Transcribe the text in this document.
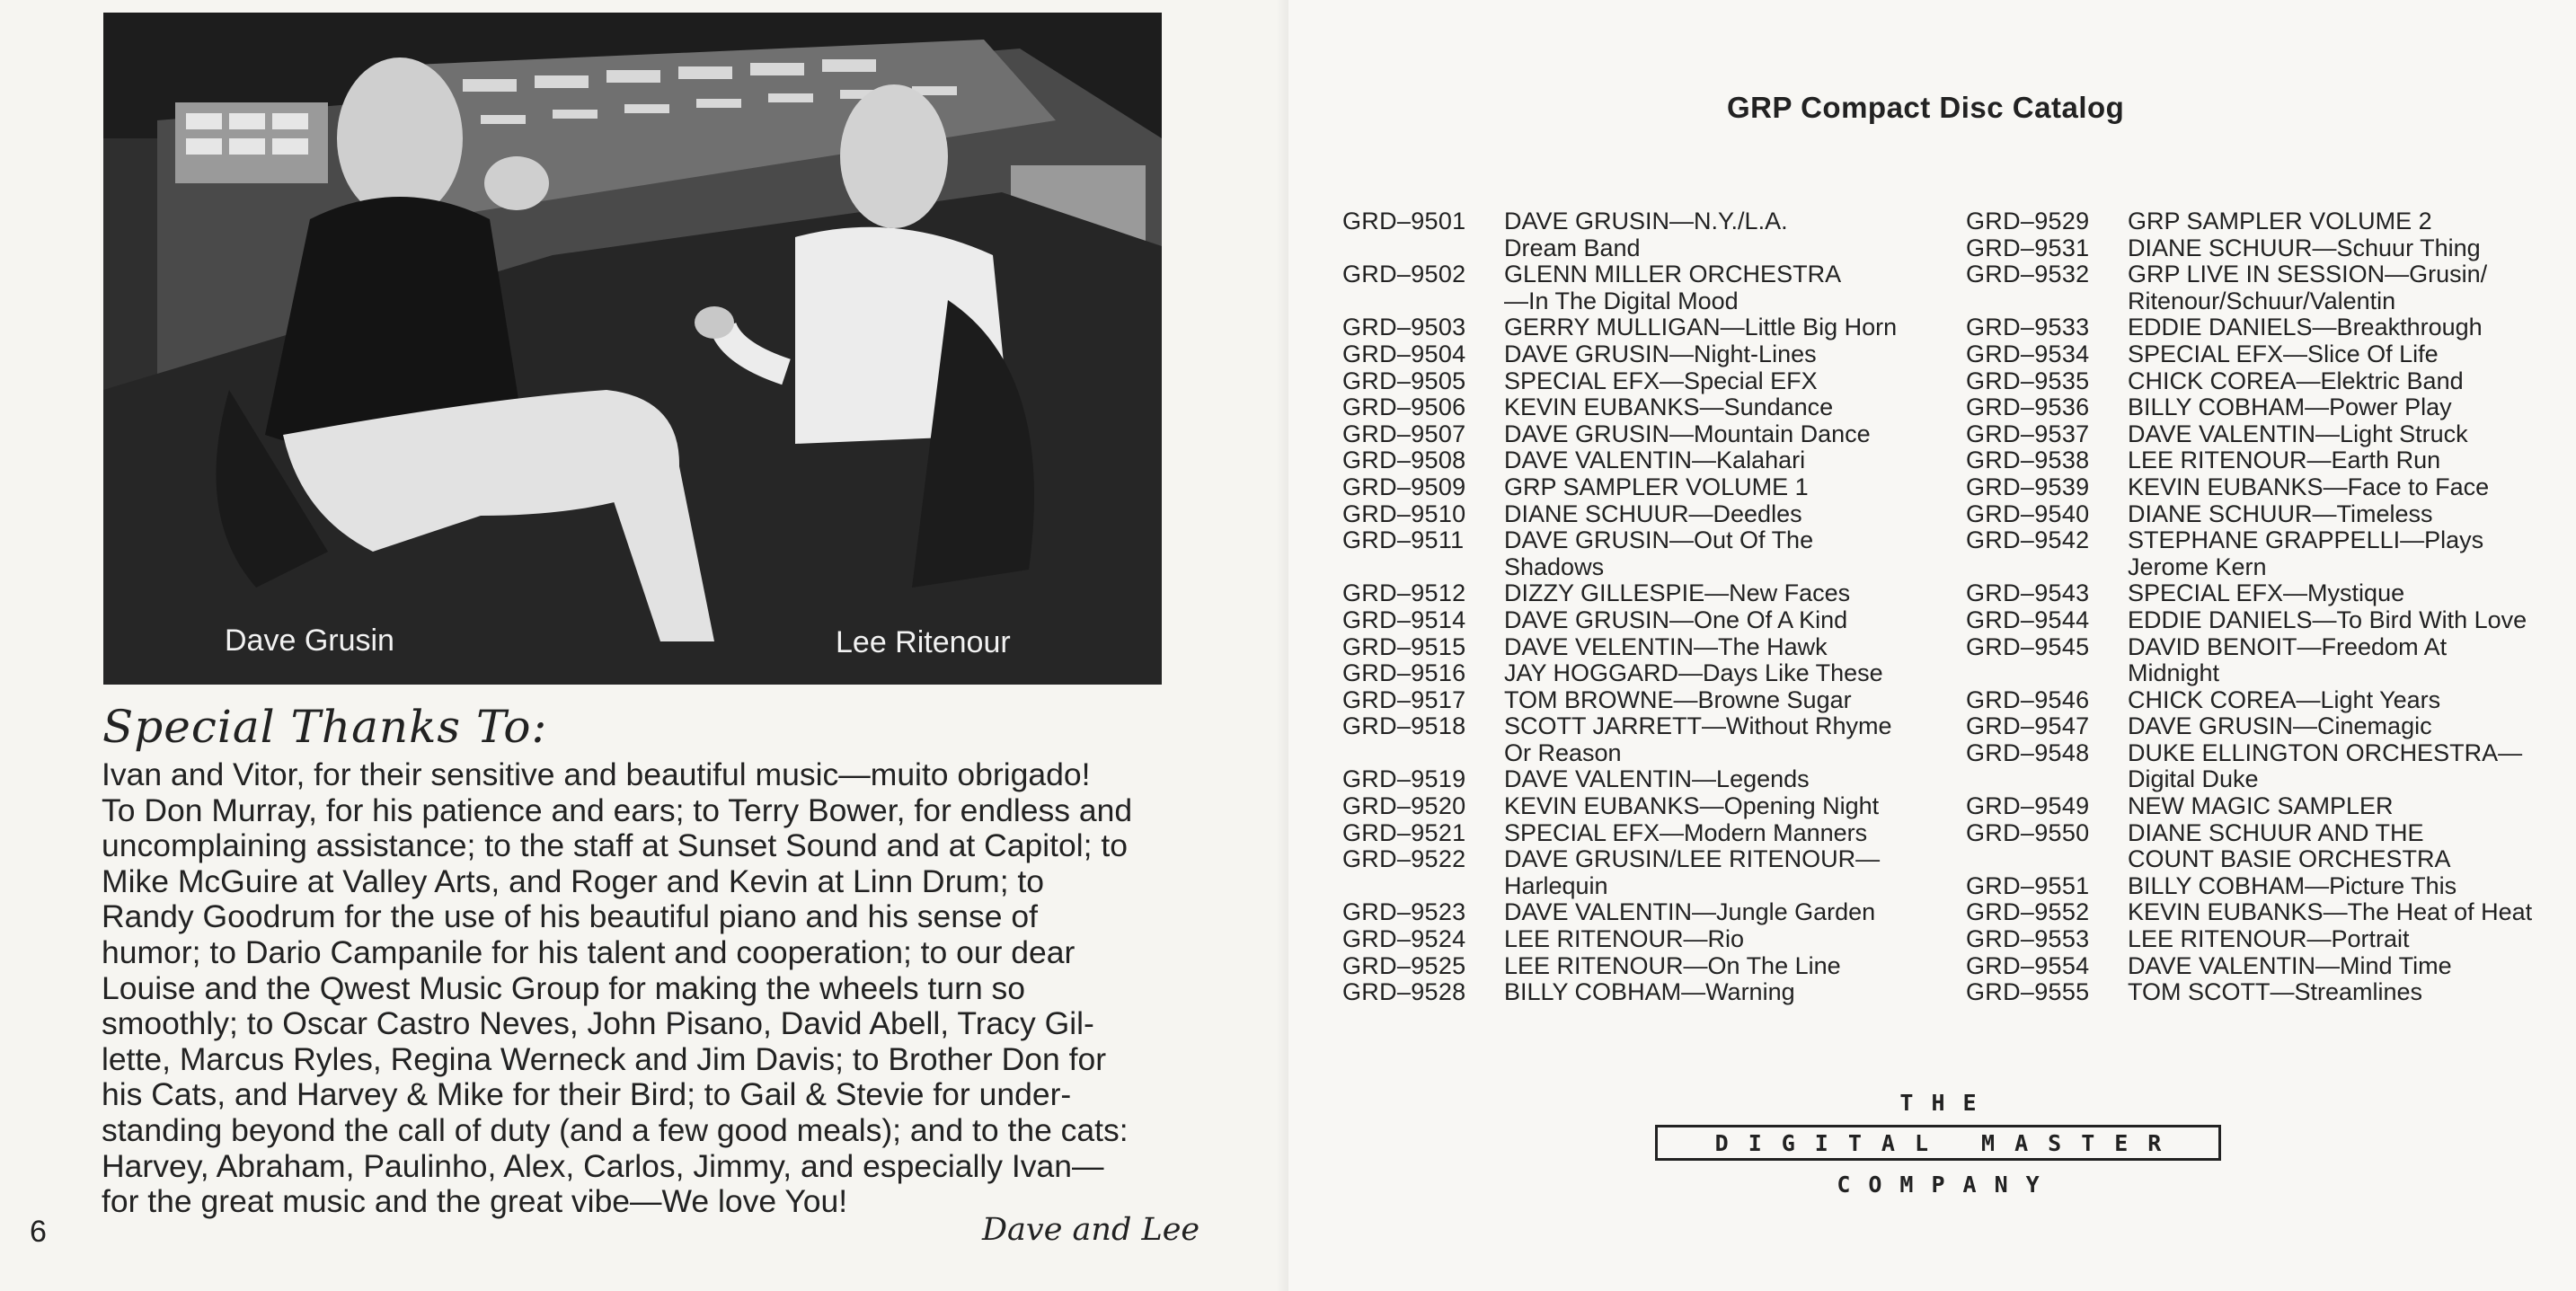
Dave Grusin	Lee Ritenour
Special Thanks To:

Ivan and Vitor, for their sensitive and beautiful music—muito obrigado!

To Don Murray, for his patience and ears; to Terry Bower, for endless and

uncomplaining assistance; to the staff at Sunset Sound and at Capitol; to

Mike McGuire at Valley Arts, and Roger and Kevin at Linn Drum; to

Randy Goodrum for the use of his beautiful piano and his sense of

humor; to Dario Campanile for his talent and cooperation; to our dear

Louise and the Qwest Music Group for making the wheels turn so

smoothly; to Oscar Castro Neves, John Pisano, David Abell, Tracy Gil-

lette, Marcus Ryles, Regina Werneck and Jim Davis; to Brother Don for

his Cats, and Harvey & Mike for their Bird; to Gail & Stevie for under-

standing beyond the call of duty (and a few good meals); and to the cats:

Harvey, Abraham, Paulinho, Alex, Carlos, Jimmy, and especially Ivan—

for the great music and the great vibe—We love You!

Dave and Lee
6
GRP Compact Disc Catalog
GRD–9501	DAVE GRUSIN—N.Y./L.A.
Dream Band
GRD–9502	GLENN MILLER ORCHESTRA
—In The Digital Mood
GRD–9503	GERRY MULLIGAN—Little Big Horn
GRD–9504	DAVE GRUSIN—Night-Lines
GRD–9505	SPECIAL EFX—Special EFX
GRD–9506	KEVIN EUBANKS—Sundance
GRD–9507	DAVE GRUSIN—Mountain Dance
GRD–9508	DAVE VALENTIN—Kalahari
GRD–9509	GRP SAMPLER VOLUME 1
GRD–9510	DIANE SCHUUR—Deedles
GRD–9511	DAVE GRUSIN—Out Of The
Shadows
GRD–9512	DIZZY GILLESPIE—New Faces
GRD–9514	DAVE GRUSIN—One Of A Kind
GRD–9515	DAVE VELENTIN—The Hawk
GRD–9516	JAY HOGGARD—Days Like These
GRD–9517	TOM BROWNE—Browne Sugar
GRD–9518	SCOTT JARRETT—Without Rhyme
Or Reason
GRD–9519	DAVE VALENTIN—Legends
GRD–9520	KEVIN EUBANKS—Opening Night
GRD–9521	SPECIAL EFX—Modern Manners
GRD–9522	DAVE GRUSIN/LEE RITENOUR—
Harlequin
GRD–9523	DAVE VALENTIN—Jungle Garden
GRD–9524	LEE RITENOUR—Rio
GRD–9525	LEE RITENOUR—On The Line
GRD–9528	BILLY COBHAM—Warning
GRD–9529	GRP SAMPLER VOLUME 2
GRD–9531	DIANE SCHUUR—Schuur Thing
GRD–9532	GRP LIVE IN SESSION—Grusin/
Ritenour/Schuur/Valentin
GRD–9533	EDDIE DANIELS—Breakthrough
GRD–9534	SPECIAL EFX—Slice Of Life
GRD–9535	CHICK COREA—Elektric Band
GRD–9536	BILLY COBHAM—Power Play
GRD–9537	DAVE VALENTIN—Light Struck
GRD–9538	LEE RITENOUR—Earth Run
GRD–9539	KEVIN EUBANKS—Face to Face
GRD–9540	DIANE SCHUUR—Timeless
GRD–9542	STEPHANE GRAPPELLI—Plays
Jerome Kern
GRD–9543	SPECIAL EFX—Mystique
GRD–9544	EDDIE DANIELS—To Bird With Love
GRD–9545	DAVID BENOIT—Freedom At
Midnight
GRD–9546	CHICK COREA—Light Years
GRD–9547	DAVE GRUSIN—Cinemagic
GRD–9548	DUKE ELLINGTON ORCHESTRA—
Digital Duke
GRD–9549	NEW MAGIC SAMPLER
GRD–9550	DIANE SCHUUR AND THE
COUNT BASIE ORCHESTRA
GRD–9551	BILLY COBHAM—Picture This
GRD–9552	KEVIN EUBANKS—The Heat of Heat
GRD–9553	LEE RITENOUR—Portrait
GRD–9554	DAVE VALENTIN—Mind Time
GRD–9555	TOM SCOTT—Streamlines
THE
DIGITAL MASTER
COMPANY
